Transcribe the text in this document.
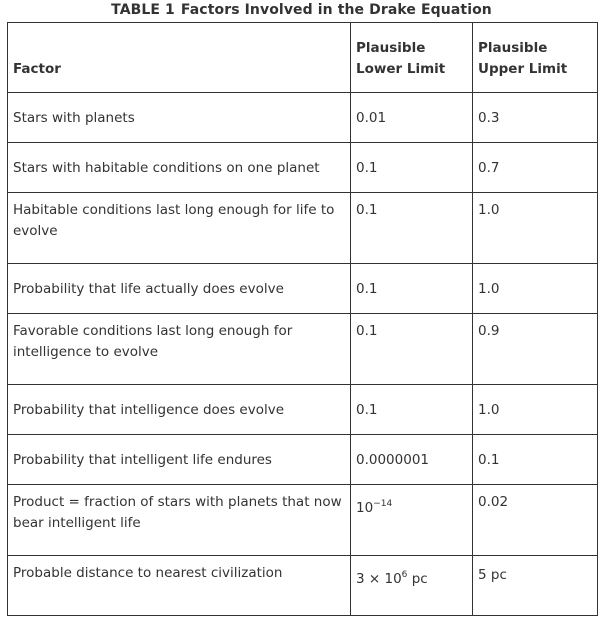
TABLE 1 Factors Involved in the Drake Equation
Factor	Plausible Lower Limit	Plausible Upper Limit
Stars with planets	0.01	0.3
Stars with habitable conditions on one planet	0.1	0.7
Habitable conditions last long enough for life to evolve	0.1	1.0
Probability that life actually does evolve	0.1	1.0
Favorable conditions last long enough for intelligence to evolve	0.1	0.9
Probability that intelligence does evolve	0.1	1.0
Probability that intelligent life endures	0.0000001	0.1
Product = fraction of stars with planets that now bear intelligent life	$10^{-14}$	0.02
Probable distance to nearest civilization	$3 \times 10^6$ pc	5 pc
